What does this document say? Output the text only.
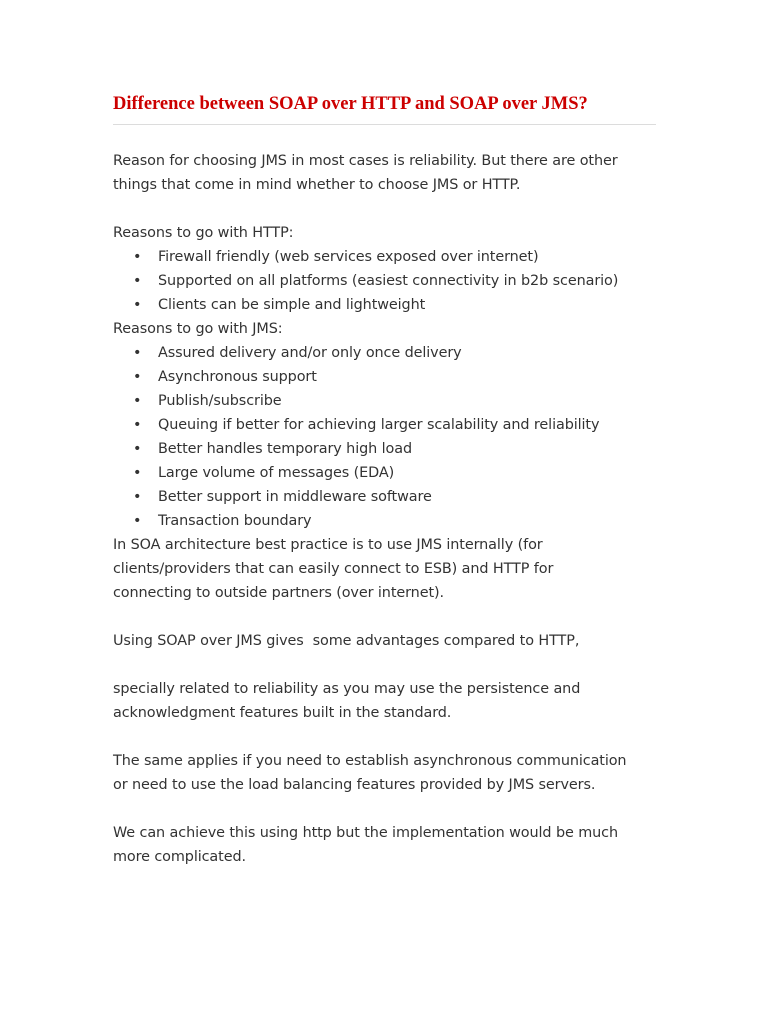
Difference between SOAP over HTTP and SOAP over JMS?

Reason for choosing JMS in most cases is reliability. But there are other
things that come in mind whether to choose JMS or HTTP.

Reasons to go with HTTP:

• Firewall friendly (web services exposed over internet)
• Supported on all platforms (easiest connectivity in b2b scenario)
• Clients can be simple and lightweight

Reasons to go with JMS:

• Assured delivery and/or only once delivery
• Asynchronous support
• Publish/subscribe
• Queuing if better for achieving larger scalability and reliability
• Better handles temporary high load
• Large volume of messages (EDA)
• Better support in middleware software
• Transaction boundary

In SOA architecture best practice is to use JMS internally (for
clients/providers that can easily connect to ESB) and HTTP for
connecting to outside partners (over internet).

Using SOAP over JMS gives  some advantages compared to HTTP,

specially related to reliability as you may use the persistence and
acknowledgment features built in the standard.

The same applies if you need to establish asynchronous communication
or need to use the load balancing features provided by JMS servers.

We can achieve this using http but the implementation would be much
more complicated.
